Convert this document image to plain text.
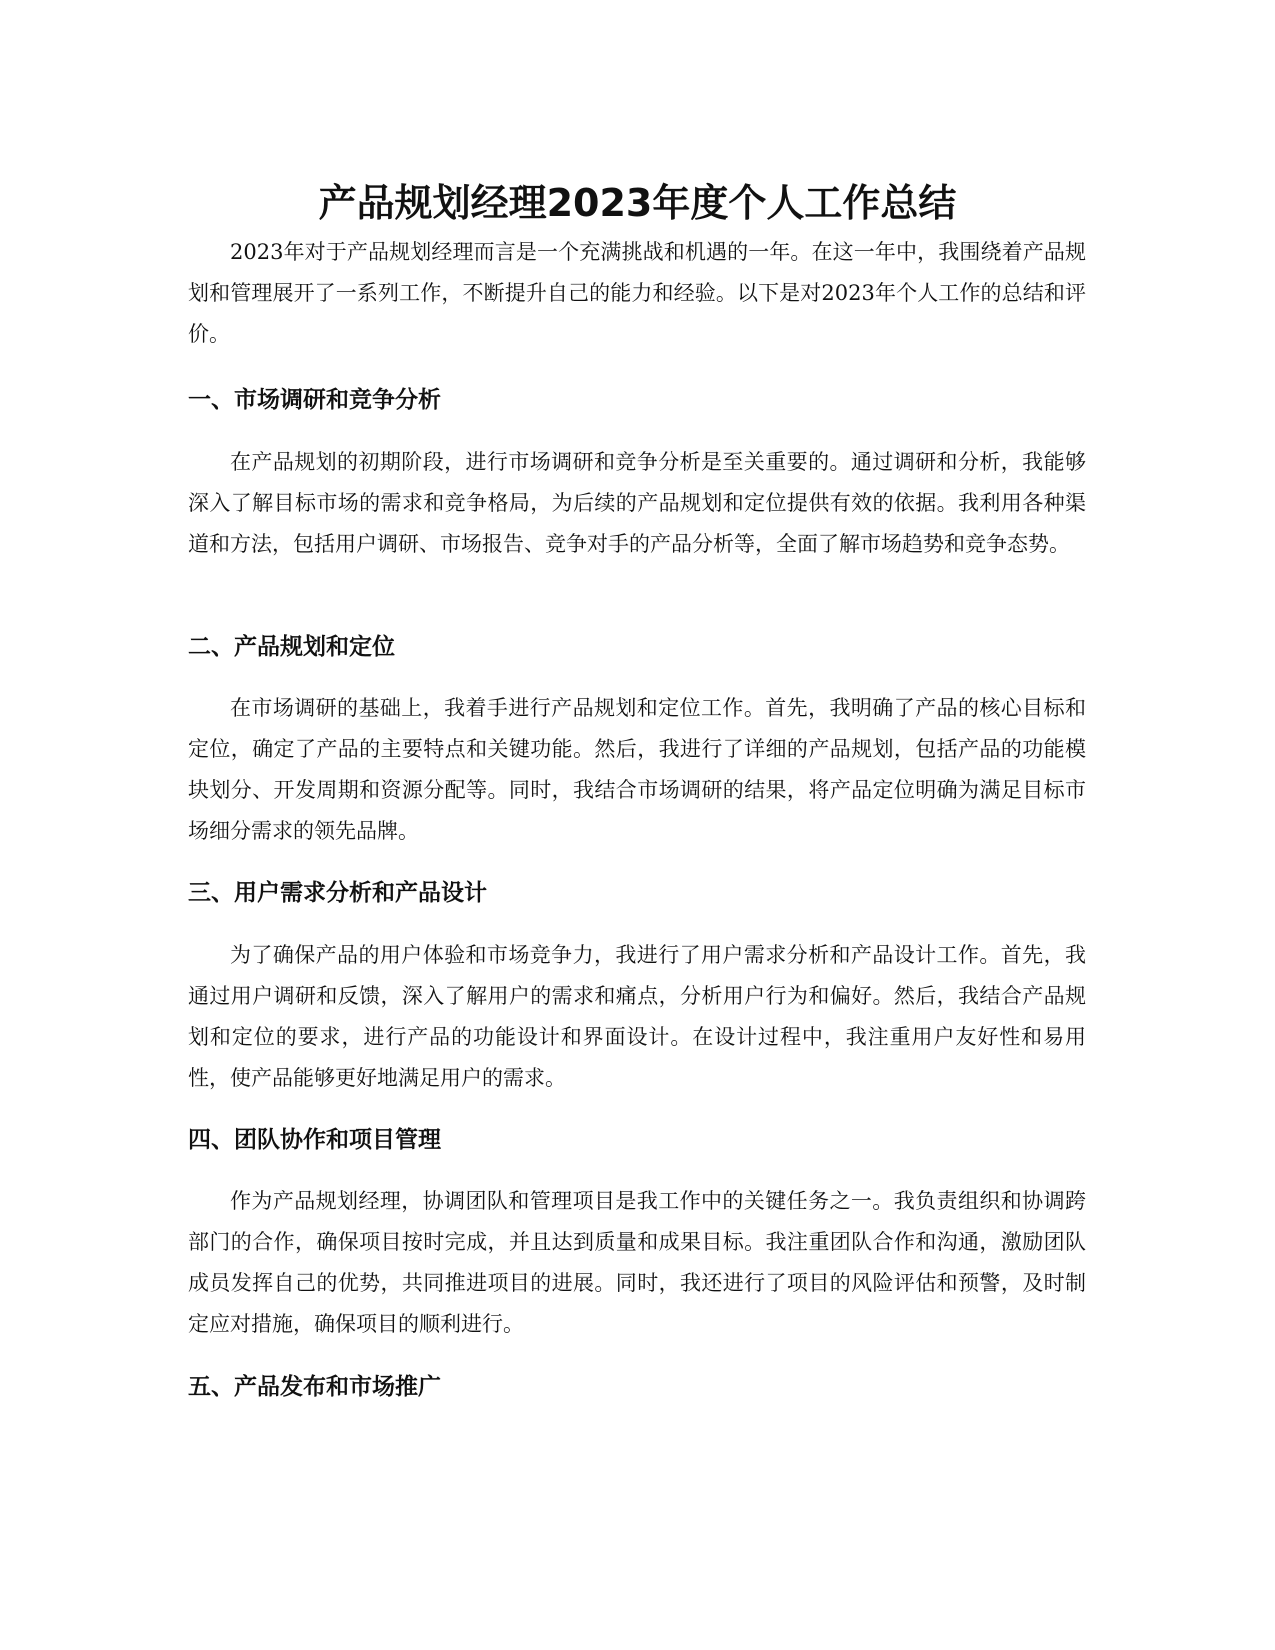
产品规划经理2023年度个人工作总结

2023年对于产品规划经理而言是一个充满挑战和机遇的一年。在这一年中，我围绕着产品规划和管理展开了一系列工作，不断提升自己的能力和经验。以下是对2023年个人工作的总结和评价。

一、市场调研和竞争分析

在产品规划的初期阶段，进行市场调研和竞争分析是至关重要的。通过调研和分析，我能够深入了解目标市场的需求和竞争格局，为后续的产品规划和定位提供有效的依据。我利用各种渠道和方法，包括用户调研、市场报告、竞争对手的产品分析等，全面了解市场趋势和竞争态势。

二、产品规划和定位

在市场调研的基础上，我着手进行产品规划和定位工作。首先，我明确了产品的核心目标和定位，确定了产品的主要特点和关键功能。然后，我进行了详细的产品规划，包括产品的功能模块划分、开发周期和资源分配等。同时，我结合市场调研的结果，将产品定位明确为满足目标市场细分需求的领先品牌。

三、用户需求分析和产品设计

为了确保产品的用户体验和市场竞争力，我进行了用户需求分析和产品设计工作。首先，我通过用户调研和反馈，深入了解用户的需求和痛点，分析用户行为和偏好。然后，我结合产品规划和定位的要求，进行产品的功能设计和界面设计。在设计过程中，我注重用户友好性和易用性，使产品能够更好地满足用户的需求。

四、团队协作和项目管理

作为产品规划经理，协调团队和管理项目是我工作中的关键任务之一。我负责组织和协调跨部门的合作，确保项目按时完成，并且达到质量和成果目标。我注重团队合作和沟通，激励团队成员发挥自己的优势，共同推进项目的进展。同时，我还进行了项目的风险评估和预警，及时制定应对措施，确保项目的顺利进行。

五、产品发布和市场推广
